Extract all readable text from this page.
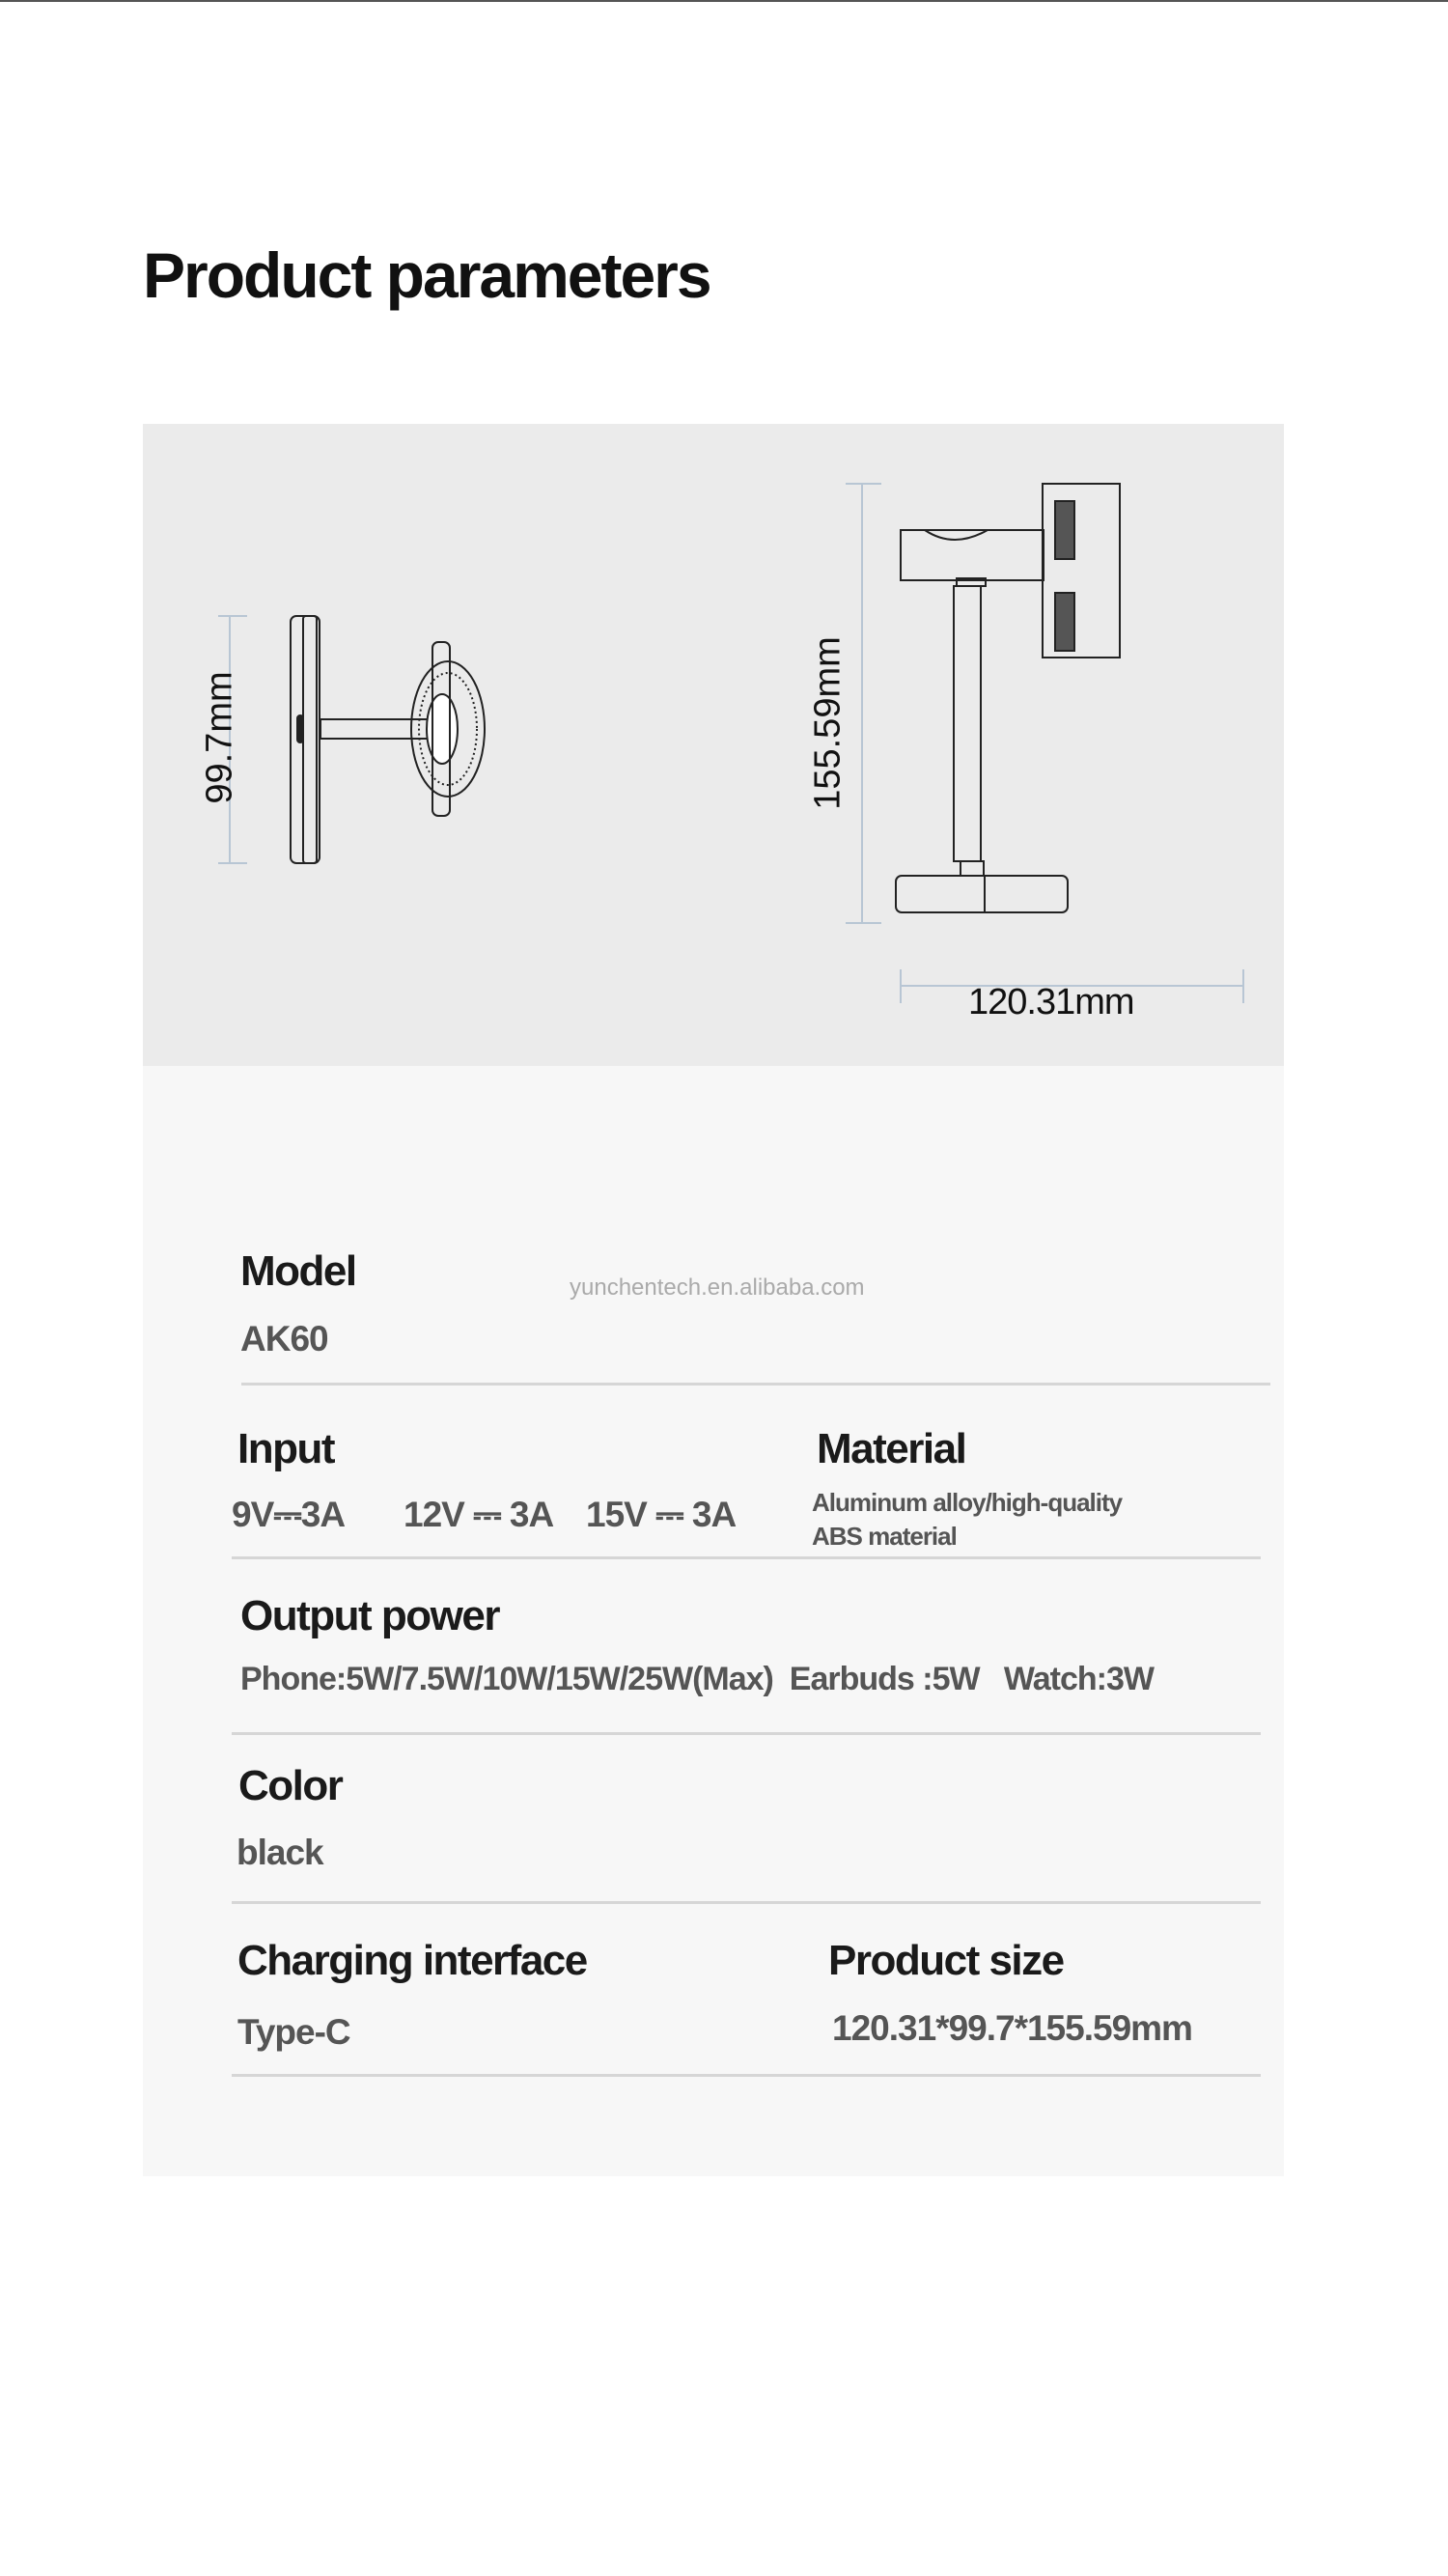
Product parameters
99.7mm	155.59mm
120.31mm
yunchentech.en.alibaba.com
Model
AK60
Input
9V⎓3A 12V ⎓ 3A 15V ⎓ 3A
Material
Aluminum alloy/high-quality
ABS material
Output power
Phone:5W/7.5W/10W/15W/25W(Max)  Earbuds :5W   Watch:3W
Color
black
Charging interface
Type-C
Product size
120.31*99.7*155.59mm
